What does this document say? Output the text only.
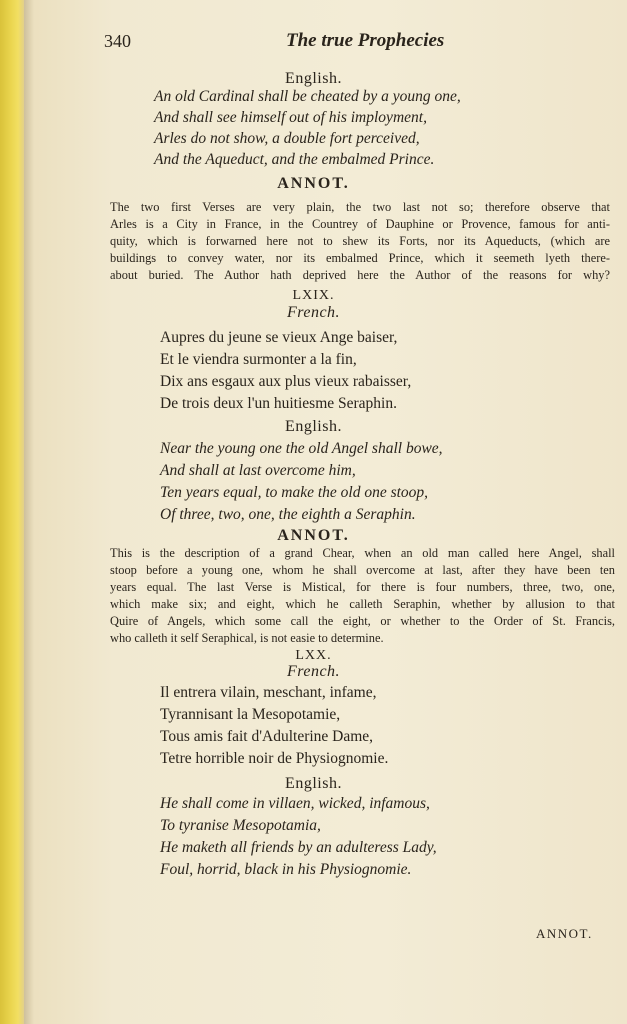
340	The true Prophecies
English.
An old Cardinal shall be cheated by a young one,
And shall see himself out of his imployment,
Arles do not show, a double fort perceived,
And the Aqueduct, and the embalmed Prince.
ANNOT.
The two first Verses are very plain, the two last not so; therefore observe that
Arles is a City in France, in the Countrey of Dauphine or Provence, famous for anti-
quity, which is forwarned here not to shew its Forts, nor its Aqueducts, (which are
buildings to convey water, nor its embalmed Prince, which it seemeth lyeth there-
about buried. The Author hath deprived here the Author of the reasons for why?
LXIX.
French.
Aupres du jeune se vieux Ange baiser,
Et le viendra surmonter a la fin,
Dix ans esgaux aux plus vieux rabaisser,
De trois deux l'un huitiesme Seraphin.
English.
Near the young one the old Angel shall bowe,
And shall at last overcome him,
Ten years equal, to make the old one stoop,
Of three, two, one, the eighth a Seraphin.
ANNOT.
This is the description of a grand Chear, when an old man called here Angel, shall
stoop before a young one, whom he shall overcome at last, after they have been ten
years equal. The last Verse is Mistical, for there is four numbers, three, two, one,
which make six; and eight, which he calleth Seraphin, whether by allusion to that
Quire of Angels, which some call the eight, or whether to the Order of St. Francis,
who calleth it self Seraphical, is not easie to determine.
LXX.
French.
Il entrera vilain, meschant, infame,
Tyrannisant la Mesopotamie,
Tous amis fait d'Adulterine Dame,
Tetre horrible noir de Physiognomie.
English.
He shall come in villaen, wicked, infamous,
To tyranise Mesopotamia,
He maketh all friends by an adulteress Lady,
Foul, horrid, black in his Physiognomie.
ANNOT.
